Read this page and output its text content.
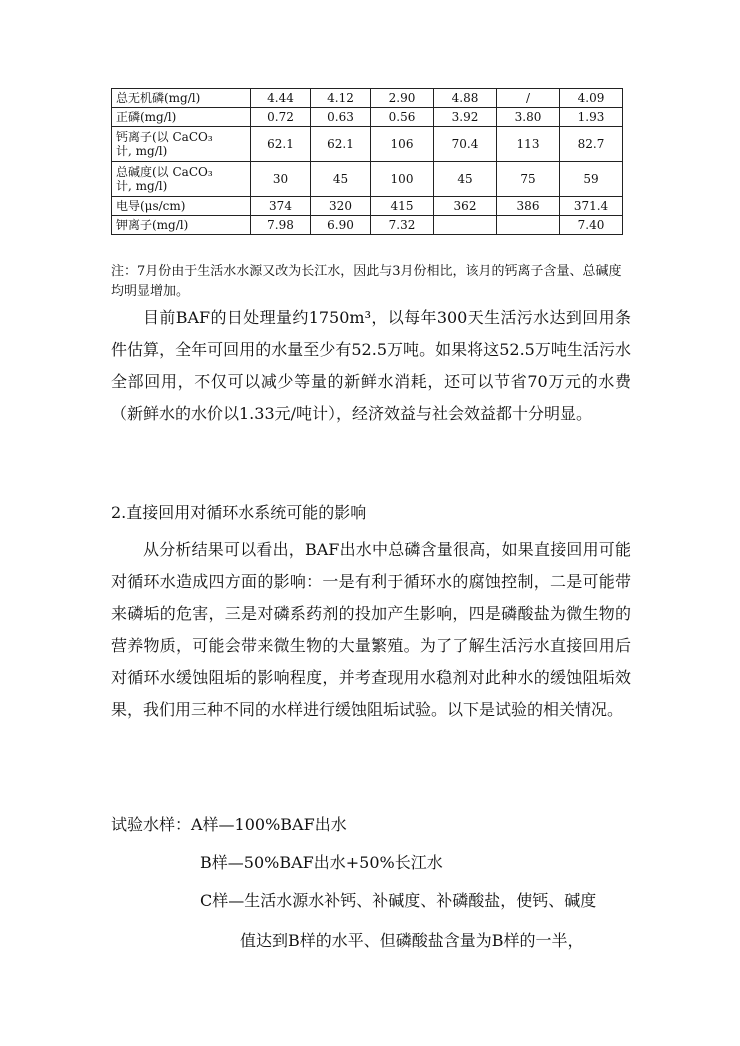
总无机磷(mg/l)	4.44	4.12	2.90	4.88	/	4.09
正磷(mg/l)	0.72	0.63	0.56	3.92	3.80	1.93
钙离子(以 CaCO₃
计, mg/l)	62.1	62.1	106	70.4	113	82.7
总碱度(以 CaCO₃
计, mg/l)	30	45	100	45	75	59
电导(μs/cm)	374	320	415	362	386	371.4
钾离子(mg/l)	7.98	6.90	7.32			7.40
注：7月份由于生活水水源又改为长江水，因此与3月份相比，该月的钙离子含量、总碱度均明显增加。

目前BAF的日处理量约1750m³，以每年300天生活污水达到回用条件估算，全年可回用的水量至少有52.5万吨。如果将这52.5万吨生活污水全部回用，不仅可以减少等量的新鲜水消耗，还可以节省70万元的水费（新鲜水的水价以1.33元/吨计），经济效益与社会效益都十分明显。

2.直接回用对循环水系统可能的影响

从分析结果可以看出，BAF出水中总磷含量很高，如果直接回用可能对循环水造成四方面的影响：一是有利于循环水的腐蚀控制，二是可能带来磷垢的危害，三是对磷系药剂的投加产生影响，四是磷酸盐为微生物的营养物质，可能会带来微生物的大量繁殖。为了了解生活污水直接回用后对循环水缓蚀阻垢的影响程度，并考查现用水稳剂对此种水的缓蚀阻垢效果，我们用三种不同的水样进行缓蚀阻垢试验。以下是试验的相关情况。

试验水样：A样—100%BAF出水

B样—50%BAF出水+50%长江水

C样—生活水源水补钙、补碱度、补磷酸盐，使钙、碱度

值达到B样的水平、但磷酸盐含量为B样的一半，
